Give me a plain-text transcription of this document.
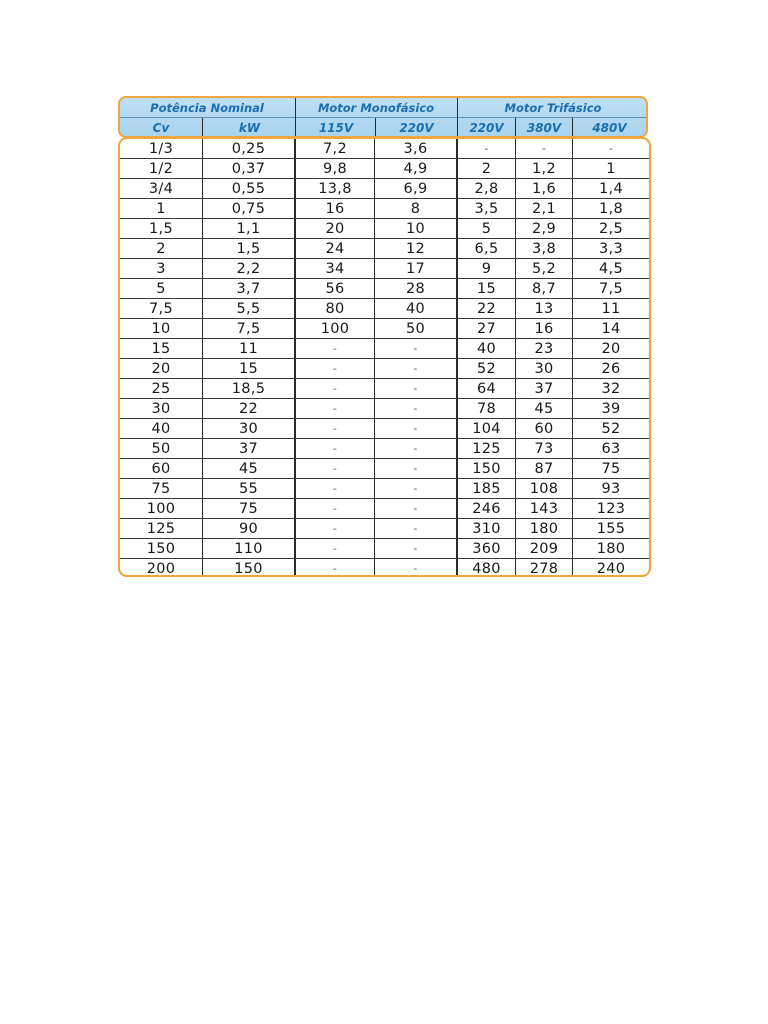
Potência Nominal	Motor Monofásico	Motor Trifásico
Cv	kW	115V	220V	220V	380V	480V
1/3	0,25	7,2	3,6	-	-	-
1/2	0,37	9,8	4,9	2	1,2	1
3/4	0,55	13,8	6,9	2,8	1,6	1,4
1	0,75	16	8	3,5	2,1	1,8
1,5	1,1	20	10	5	2,9	2,5
2	1,5	24	12	6,5	3,8	3,3
3	2,2	34	17	9	5,2	4,5
5	3,7	56	28	15	8,7	7,5
7,5	5,5	80	40	22	13	11
10	7,5	100	50	27	16	14
15	11	-	-	40	23	20
20	15	-	-	52	30	26
25	18,5	-	-	64	37	32
30	22	-	-	78	45	39
40	30	-	-	104	60	52
50	37	-	-	125	73	63
60	45	-	-	150	87	75
75	55	-	-	185	108	93
100	75	-	-	246	143	123
125	90	-	-	310	180	155
150	110	-	-	360	209	180
200	150	-	-	480	278	240
